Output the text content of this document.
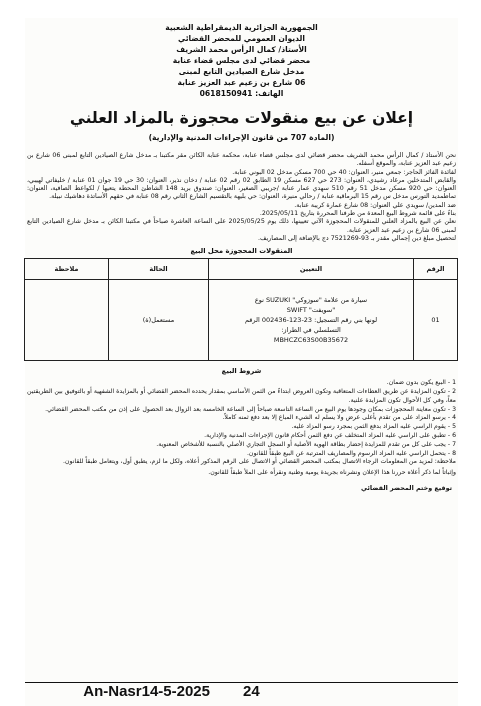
الجمهورية الجزائرية الديمقراطية الشعبية
الديوان العمومي للمحضر القضائي
الأستاذ/ كمال الرأس محمد الشريف
محضر قضائي لدى مجلس قضاء عنابة
مدخل شارع الصيادين التابع لمبنى
06 شارع بن زعيم عبد العزيز عنابة
الهاتف: 0618150941
إعلان عن بيع منقولات محجوزة بالمزاد العلني
(المادة 707 من قانون الإجراءات المدنية والإدارية)

نحن الأستاذ / كمال الرأس محمد الشريف محضر قضائي لدى مجلس قضاء عنابة، محكمة عنابة الكائن مقر مكتبنا بـ مدخل شارع الصيادين التابع لمبنى 06 شارع بن زعيم عبد العزيز عنابة، والموقع أسفله.

لفائدة الفائز الحاجر: جمعي منير، العنوان: 40 حي 700 مسكن مدخل 02 البوني عنابة.

والقابض المتدخلين مرغاد رشيدي، العنوان: 273 حي 627 مسكن 19 الطابق 02 رقم 02 عنابة / دخان نذير، العنوان: 30 حي 19 جوان 01 عنابة / خليفاتي لهيبي، العنوان: حي 920 مسكن مدخل 51 رقم 510 سهدي عمار عنابة /جريبي الصغير، العنوان: صندوق بريد 148 الشاطئ المحطة يتعيها / لكواعط الصافية، العنوان: تماطمديد التورس مدخل س رقم 15 البرماقية عنابة / رحالي منيرة، العنوان: حي بليهة بالتقسيم الشارع الثاني رقم 08 عنابة في حقهم الأساتذة دهاشيك نبيلة.

ضد المدين/ سويدي علي العنوان: 08 شارع عمارة كريبة عنابة.

بناءً على قائمة شروط البيع المعدة من طرفنا المحررة بتاريخ 2025/05/11.

نعلن عن البيع بالمزاد العلني للمنقولات المحجوزة الآتي تعيينها، ذلك يوم 2025/05/25 على الساعة العاشرة صباحاً في مكتبنا الكائن بـ مدخل شارع الصيادين التابع لمبنى 06 شارع بن زعيم عبد العزيز عنابة.

لتحصيل مبلغ دين إجمالي مقدر بـ 93-7521269 دج بالإضافة إلى المصاريف.

المنقولات المحجوزة محل البيع
الرقم	التعيين	الحالة	ملاحظة
01	سيارة من علامة "سوزوكي" SUZUKI نوع
"سويفت" SWIFT
لونها بني رقم التسجيل: 23-123-002436 الرقم
التسلسلي في الطراز:
MBHCZC63S00B35672	مستعمل(ة)	
شروط البيع
1 - البيع يكون بدون ضمان.
2 - تكون المزايدة عن طريق العطاءات المتعاقبة وتكون العروض ابتداءً من الثمن الأساسي بمقدار يحدده المحضر القضائي أو بالمزايدة الشفهية أو بالتوفيق بين الطريقتين معاً، وفي كل الأحوال تكون المزايدة علنية.
3 - تكون معاينة المحجوزات بمكان وجودها يوم البيع من الساعة التاسعة صباحاً إلى الساعة الخامسة بعد الزوال بعد الحصول على إذن من مكتب المحضر القضائي.
4 - يرسو المزاد على من تقدم بأعلى عرض ولا يسلم له الشيء المباع إلا بعد دفع ثمنه كاملاً.
5 - يقوم الراسي عليه المزاد بدفع الثمن بمجرد رسو المزاد عليه.
6 - تطبق على الراسي عليه المزاد المتخلف عن دفع الثمن أحكام قانون الإجراءات المدنية والإدارية.
7 - يجب على كل من تقدم للمزايدة إحضار بطاقة الهوية الأصلية أو السجل التجاري الأصلي بالنسبة للأشخاص المعنوية.
8 - يتحمل الراسي عليه المزاد الرسوم والمصاريف المترتبة عن البيع طبقاً للقانون.
ملاحظة: لمزيد من المعلومات الرجاء الاتصال بمكتب المحضر القضائي أو الاتصال على الرقم المذكور أعلاه، ولكل ما لزم، يطبق أول، ويتعامل طبقاً للقانون.
وإثباتاً لما ذكر أعلاه حررنا هذا الإعلان ونشرناه بجريدة يومية وطنية ونقرأه على الملأ طبقاً للقانون.
توقيع وختم المحضر القضائي
24
An-Nasr14-5-2025
